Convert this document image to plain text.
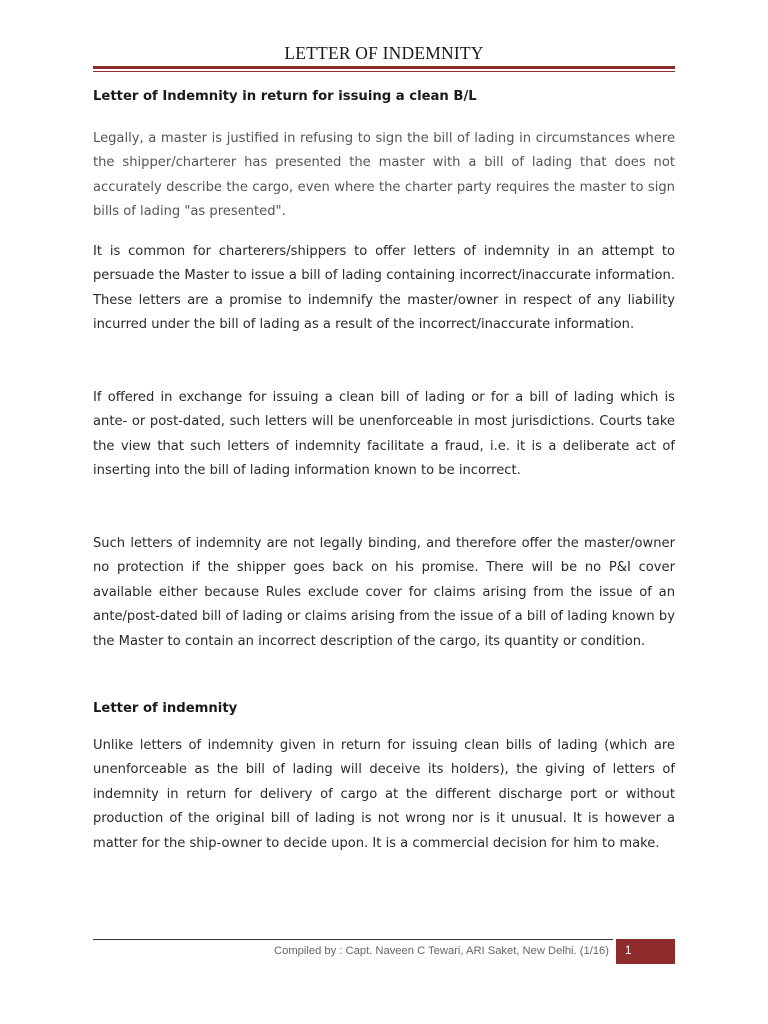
LETTER OF INDEMNITY
Letter of Indemnity in return for issuing a clean B/L
Legally, a master is justified in refusing to sign the bill of lading in circumstances where the shipper/charterer has presented the master with a bill of lading that does not accurately describe the cargo, even where the charter party requires the master to sign bills of lading "as presented".
It is common for charterers/shippers to offer letters of indemnity in an attempt to persuade the Master to issue a bill of lading containing incorrect/inaccurate information. These letters are a promise to indemnify the master/owner in respect of any liability incurred under the bill of lading as a result of the incorrect/inaccurate information.
If offered in exchange for issuing a clean bill of lading or for a bill of lading which is ante- or post-dated, such letters will be unenforceable in most jurisdictions. Courts take the view that such letters of indemnity facilitate a fraud, i.e. it is a deliberate act of inserting into the bill of lading information known to be incorrect.
Such letters of indemnity are not legally binding, and therefore offer the master/owner no protection if the shipper goes back on his promise. There will be no P&I cover available either because Rules exclude cover for claims arising from the issue of an ante/post-dated bill of lading or claims arising from the issue of a bill of lading known by the Master to contain an incorrect description of the cargo, its quantity or condition.
Letter of indemnity
Unlike letters of indemnity given in return for issuing clean bills of lading (which are unenforceable as the bill of lading will deceive its holders), the giving of letters of indemnity in return for delivery of cargo at the different discharge port or without production of the original bill of lading is not wrong nor is it unusual. It is however a matter for the ship-owner to decide upon. It is a commercial decision for him to make.
Compiled by : Capt. Naveen C Tewari, ARI Saket, New Delhi. (1/16) 1
